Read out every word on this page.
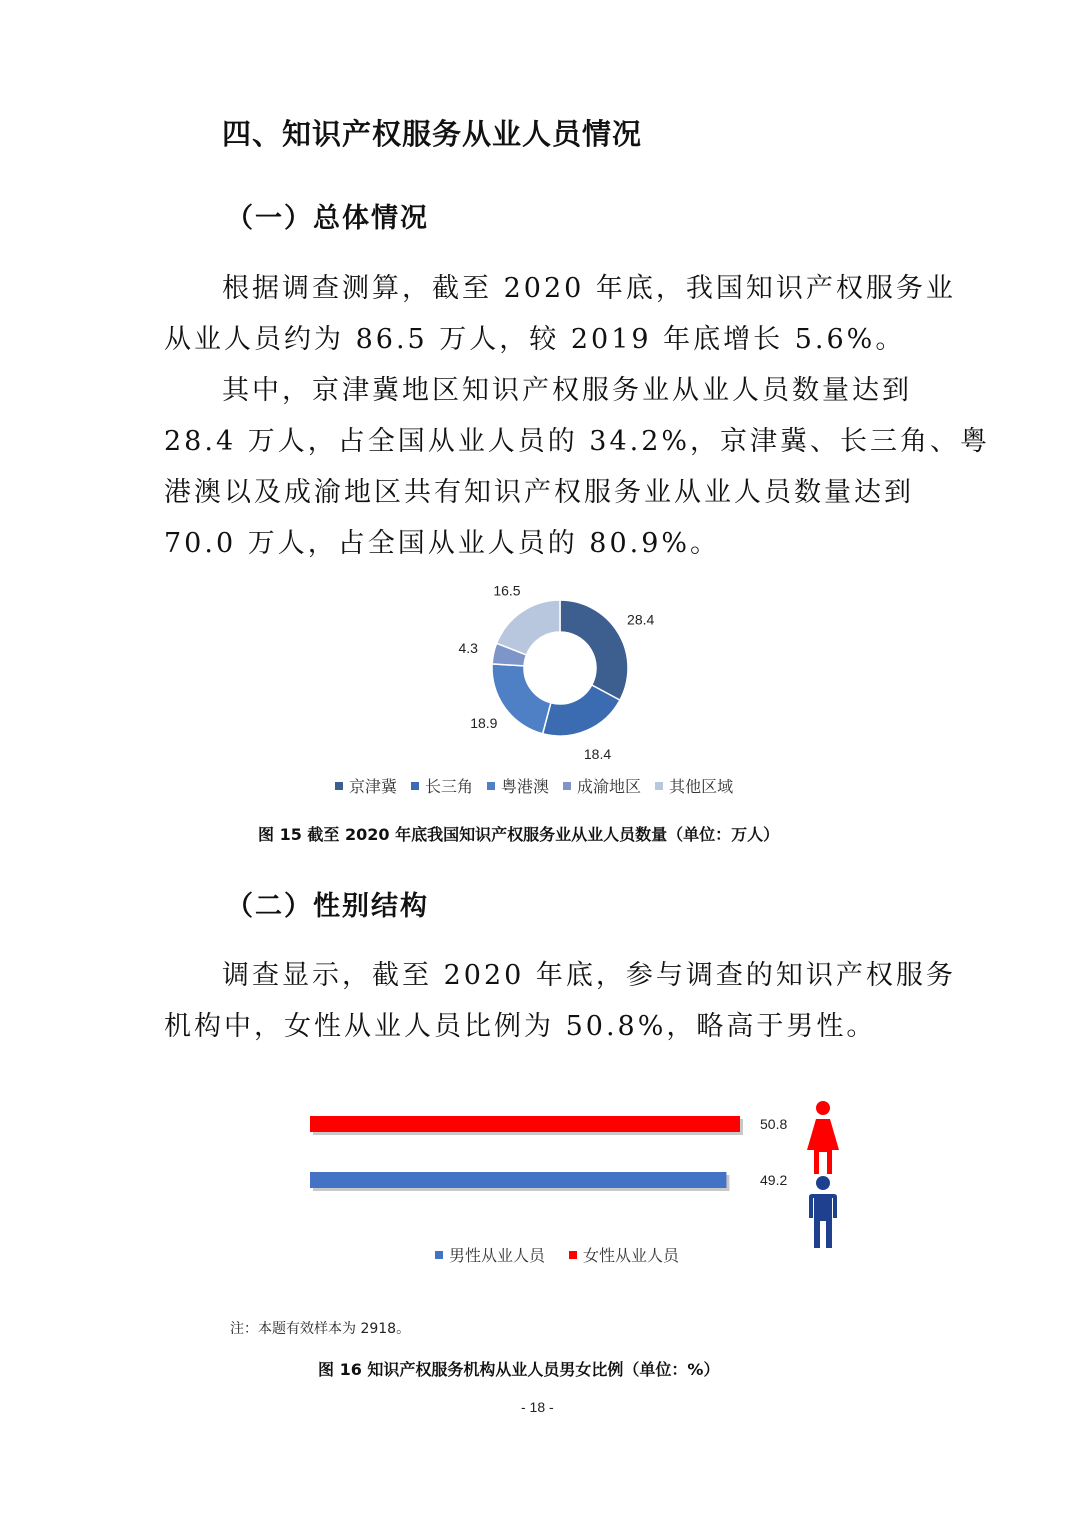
四、知识产权服务从业人员情况
（一）总体情况
根据调查测算，截至 2020 年底，我国知识产权服务业
从业人员约为 86.5 万人，较 2019 年底增长 5.6%。
其中，京津冀地区知识产权服务业从业人员数量达到
28.4 万人，占全国从业人员的 34.2%，京津冀、长三角、粤
港澳以及成渝地区共有知识产权服务业从业人员数量达到
70.0 万人，占全国从业人员的 80.9%。
28.4
18.4
18.9
4.3
16.5
京津冀 长三角 粤港澳 成渝地区 其他区域
图 15 截至 2020 年底我国知识产权服务业从业人员数量（单位：万人）
（二）性别结构
调查显示，截至 2020 年底，参与调查的知识产权服务
机构中，女性从业人员比例为 50.8%，略高于男性。
50.8
49.2
男性从业人员 女性从业人员
注：本题有效样本为 2918。
图 16 知识产权服务机构从业人员男女比例（单位：%）
- 18 -
